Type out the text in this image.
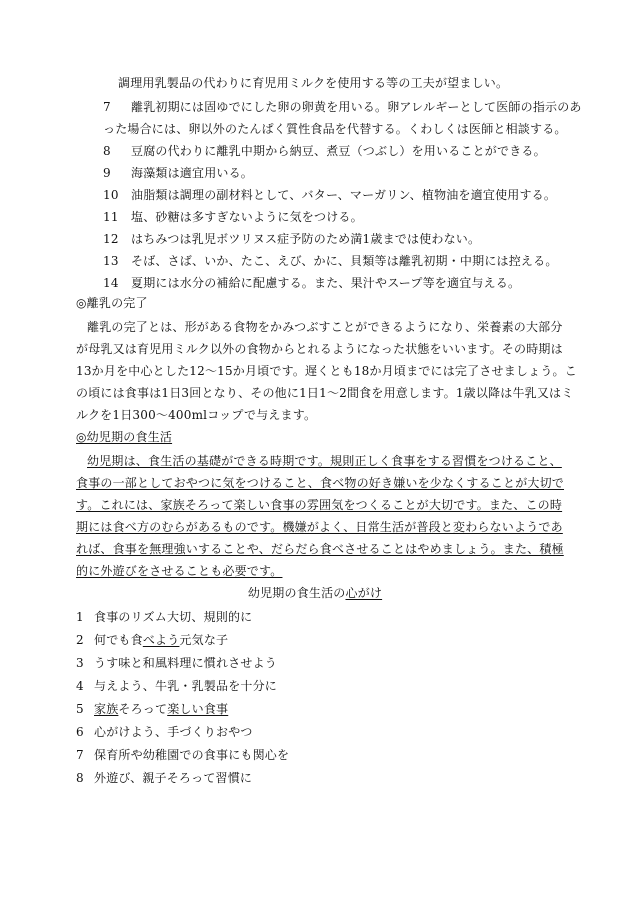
調理用乳製品の代わりに育児用ミルクを使用する等の工夫が望ましい。
7 離乳初期には固ゆでにした卵の卵黄を用いる。卵アレルギーとして医師の指示のあ
った場合には、卵以外のたんぱく質性食品を代替する。くわしくは医師と相談する。
8 豆腐の代わりに離乳中期から納豆、煮豆（つぶし）を用いることができる。
9 海藻類は適宜用いる。
10 油脂類は調理の副材料として、バター、マーガリン、植物油を適宜使用する。
11 塩、砂糖は多すぎないように気をつける。
12 はちみつは乳児ボツリヌス症予防のため満1歳までは使わない。
13 そば、さば、いか、たこ、えび、かに、貝類等は離乳初期・中期には控える。
14 夏期には水分の補給に配慮する。また、果汁やスープ等を適宜与える。
◎離乳の完了
離乳の完了とは、形がある食物をかみつぶすことができるようになり、栄養素の大部分
が母乳又は育児用ミルク以外の食物からとれるようになった状態をいいます。その時期は
13か月を中心とした12〜15か月頃です。遅くとも18か月頃までには完了させましょう。こ
の頃には食事は1日3回となり、その他に1日1〜2間食を用意します。1歳以降は牛乳又はミ
ルクを1日300〜400mlコップで与えます。
◎幼児期の食生活
幼児期は、食生活の基礎ができる時期です。規則正しく食事をする習慣をつけること、
食事の一部としておやつに気をつけること、食べ物の好き嫌いを少なくすることが大切で
す。これには、家族そろって楽しい食事の雰囲気をつくることが大切です。また、この時
期には食べ方のむらがあるものです。機嫌がよく、日常生活が普段と変わらないようであ
れば、食事を無理強いすることや、だらだら食べさせることはやめましょう。また、積極
的に外遊びをさせることも必要です。
幼児期の食生活の心がけ
1 食事のリズム大切、規則的に
2 何でも食べよう元気な子
3 うす味と和風料理に慣れさせよう
4 与えよう、牛乳・乳製品を十分に
5 家族そろって楽しい食事
6 心がけよう、手づくりおやつ
7 保育所や幼稚園での食事にも関心を
8 外遊び、親子そろって習慣に
